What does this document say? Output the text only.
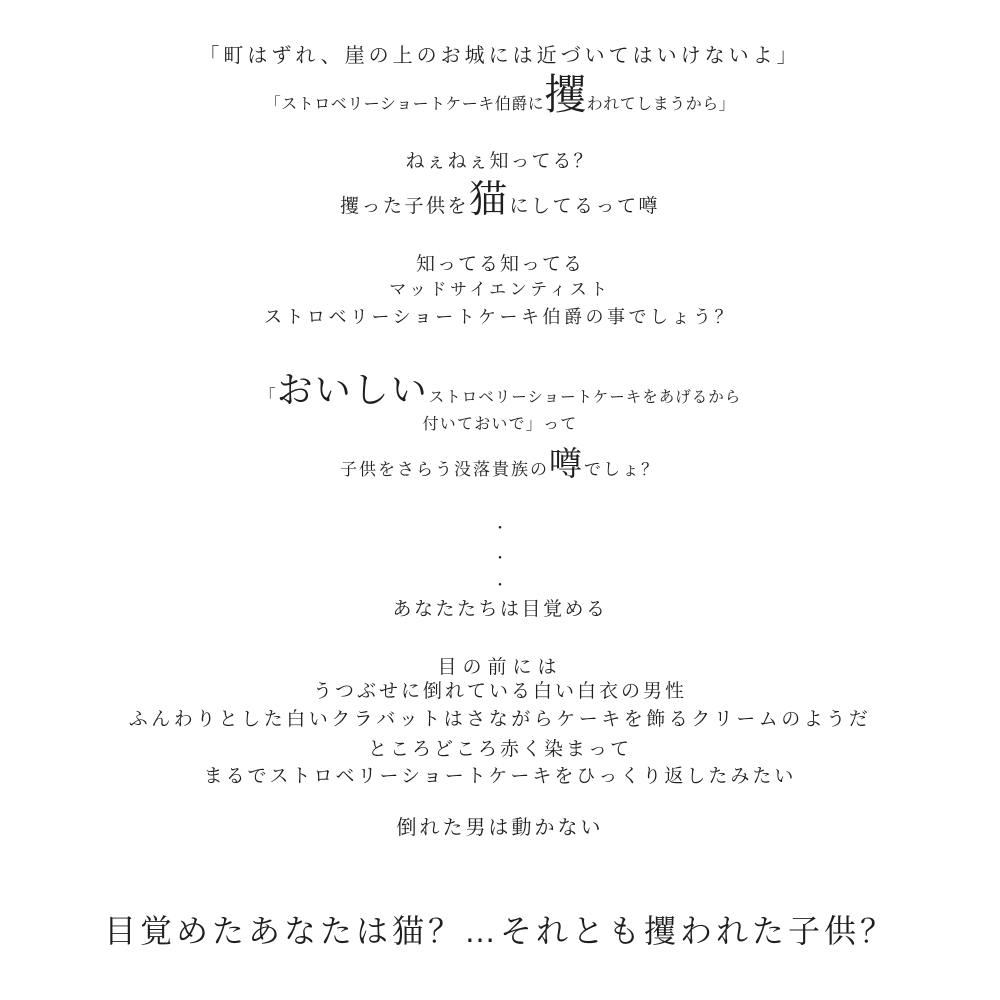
「町はずれ、崖の上のお城には近づいてはいけないよ」
「ストロベリーショートケーキ伯爵に攫われてしまうから」
ねぇねぇ知ってる？
攫った子供を猫にしてるって噂
知ってる知ってる
マッドサイエンティスト
ストロベリーショートケーキ伯爵の事でしょう？
「おいしいストロベリーショートケーキをあげるから
付いておいで」って
子供をさらう没落貴族の噂でしょ？
・
・
・
あなたたちは目覚める
目の前には
うつぶせに倒れている白い白衣の男性
ふんわりとした白いクラバットはさながらケーキを飾るクリームのようだ
ところどころ赤く染まって
まるでストロベリーショートケーキをひっくり返したみたい
倒れた男は動かない
目覚めたあなたは猫？…それとも攫われた子供？
